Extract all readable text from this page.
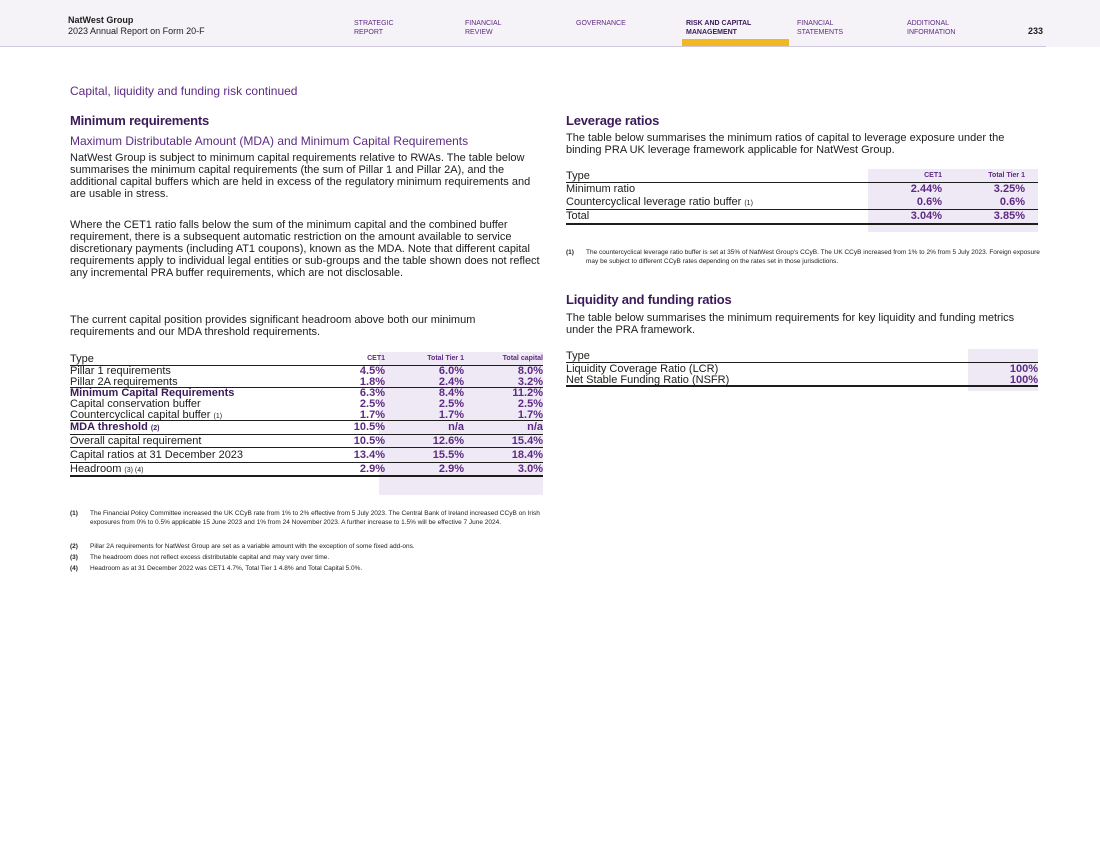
NatWest Group
2023 Annual Report on Form 20-F
STRATEGIC
REPORT
FINANCIAL
REVIEW
GOVERNANCE	RISK AND CAPITAL
MANAGEMENT
FINANCIAL
STATEMENTS
ADDITIONAL
INFORMATION	233
Capital, liquidity and funding risk continued
Minimum requirements
Maximum Distributable Amount (MDA) and Minimum Capital Requirements
NatWest Group is subject to minimum capital requirements relative to RWAs. The table below summarises the minimum capital requirements (the sum of Pillar 1 and Pillar 2A), and the additional capital buffers which are held in excess of the regulatory minimum requirements and are usable in stress.
Where the CET1 ratio falls below the sum of the minimum capital and the combined buffer requirement, there is a subsequent automatic restriction on the amount available to service discretionary payments (including AT1 coupons), known as the MDA. Note that different capital requirements apply to individual legal entities or sub-groups and the table shown does not reflect any incremental PRA buffer requirements, which are not disclosable.
The current capital position provides significant headroom above both our minimum requirements and our MDA threshold requirements.
Type	CET1	Total Tier 1	Total capital
Pillar 1 requirements	4.5%	6.0%	8.0%
Pillar 2A requirements	1.8%	2.4%	3.2%
Minimum Capital Requirements	6.3%	8.4%	11.2%
Capital conservation buffer	2.5%	2.5%	2.5%
Countercyclical capital buffer (1)	1.7%	1.7%	1.7%
MDA threshold (2)	10.5%	n/a	n/a
Overall capital requirement	10.5%	12.6%	15.4%
Capital ratios at 31 December 2023	13.4%	15.5%	18.4%
Headroom (3) (4)	2.9%	2.9%	3.0%
(1) The Financial Policy Committee increased the UK CCyB rate from 1% to 2% effective from 5 July 2023. The Central Bank of Ireland increased CCyB on Irish exposures from 0% to 0.5% applicable 15 June 2023 and 1% from 24 November 2023. A further increase to 1.5% will be effective 7 June 2024.
(2) Pillar 2A requirements for NatWest Group are set as a variable amount with the exception of some fixed add-ons.
(3) The headroom does not reflect excess distributable capital and may vary over time.
(4) Headroom as at 31 December 2022 was CET1 4.7%, Total Tier 1 4.8% and Total Capital 5.0%.
Leverage ratios
The table below summarises the minimum ratios of capital to leverage exposure under the binding PRA UK leverage framework applicable for NatWest Group.
Type	CET1	Total Tier 1
Minimum ratio	2.44%	3.25%
Countercyclical leverage ratio buffer (1)	0.6%	0.6%
Total	3.04%	3.85%
(1) The countercyclical leverage ratio buffer is set at 35% of NatWest Group's CCyB. The UK CCyB increased from 1% to 2% from 5 July 2023. Foreign exposure may be subject to different CCyB rates depending on the rates set in those jurisdictions.
Liquidity and funding ratios
The table below summarises the minimum requirements for key liquidity and funding metrics under the PRA framework.
Type
Liquidity Coverage Ratio (LCR)	100%
Net Stable Funding Ratio (NSFR)	100%
